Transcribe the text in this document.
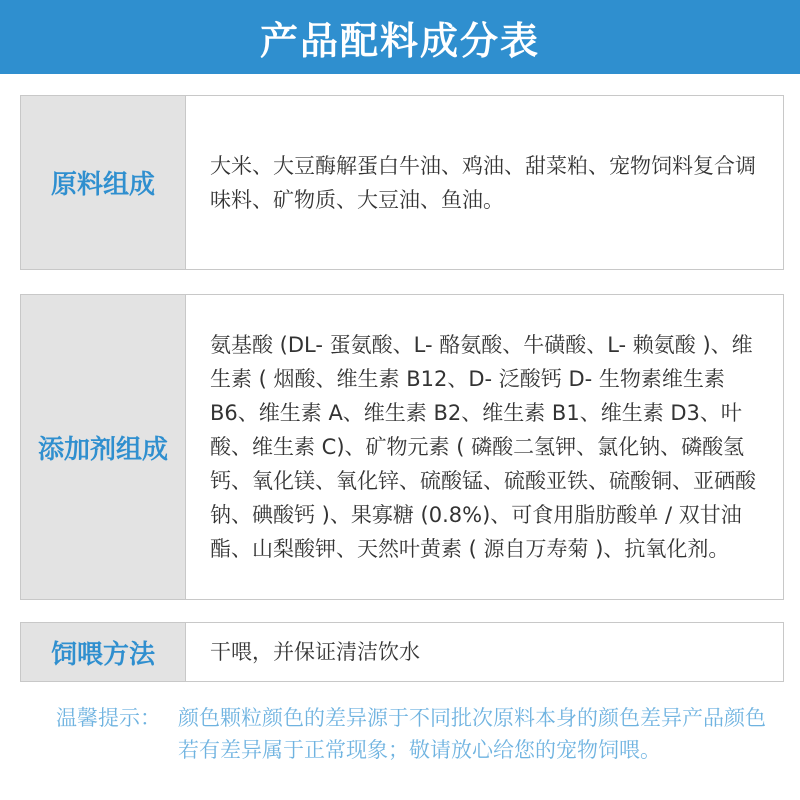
产品配料成分表
原料组成
大米、大豆酶解蛋白牛油、鸡油、甜菜粕、宠物饲料复合调味料、矿物质、大豆油、鱼油。
添加剂组成
氨基酸 (DL- 蛋氨酸、L- 酪氨酸、牛磺酸、L- 赖氨酸 )、维生素 ( 烟酸、维生素 B12、D- 泛酸钙 D- 生物素维生素 B6、维生素 A、维生素 B2、维生素 B1、维生素 D3、叶酸、维生素 C)、矿物元素 ( 磷酸二氢钾、氯化钠、磷酸氢钙、氧化镁、氧化锌、硫酸锰、硫酸亚铁、硫酸铜、亚硒酸钠、碘酸钙 )、果寡糖 (0.8%)、可食用脂肪酸单 / 双甘油酯、山梨酸钾、天然叶黄素 ( 源自万寿菊 )、抗氧化剂。
饲喂方法	干喂，并保证清洁饮水
温馨提示： 颜色颗粒颜色的差异源于不同批次原料本身的颜色差异产品颜色若有差异属于正常现象；敬请放心给您的宠物饲喂。
